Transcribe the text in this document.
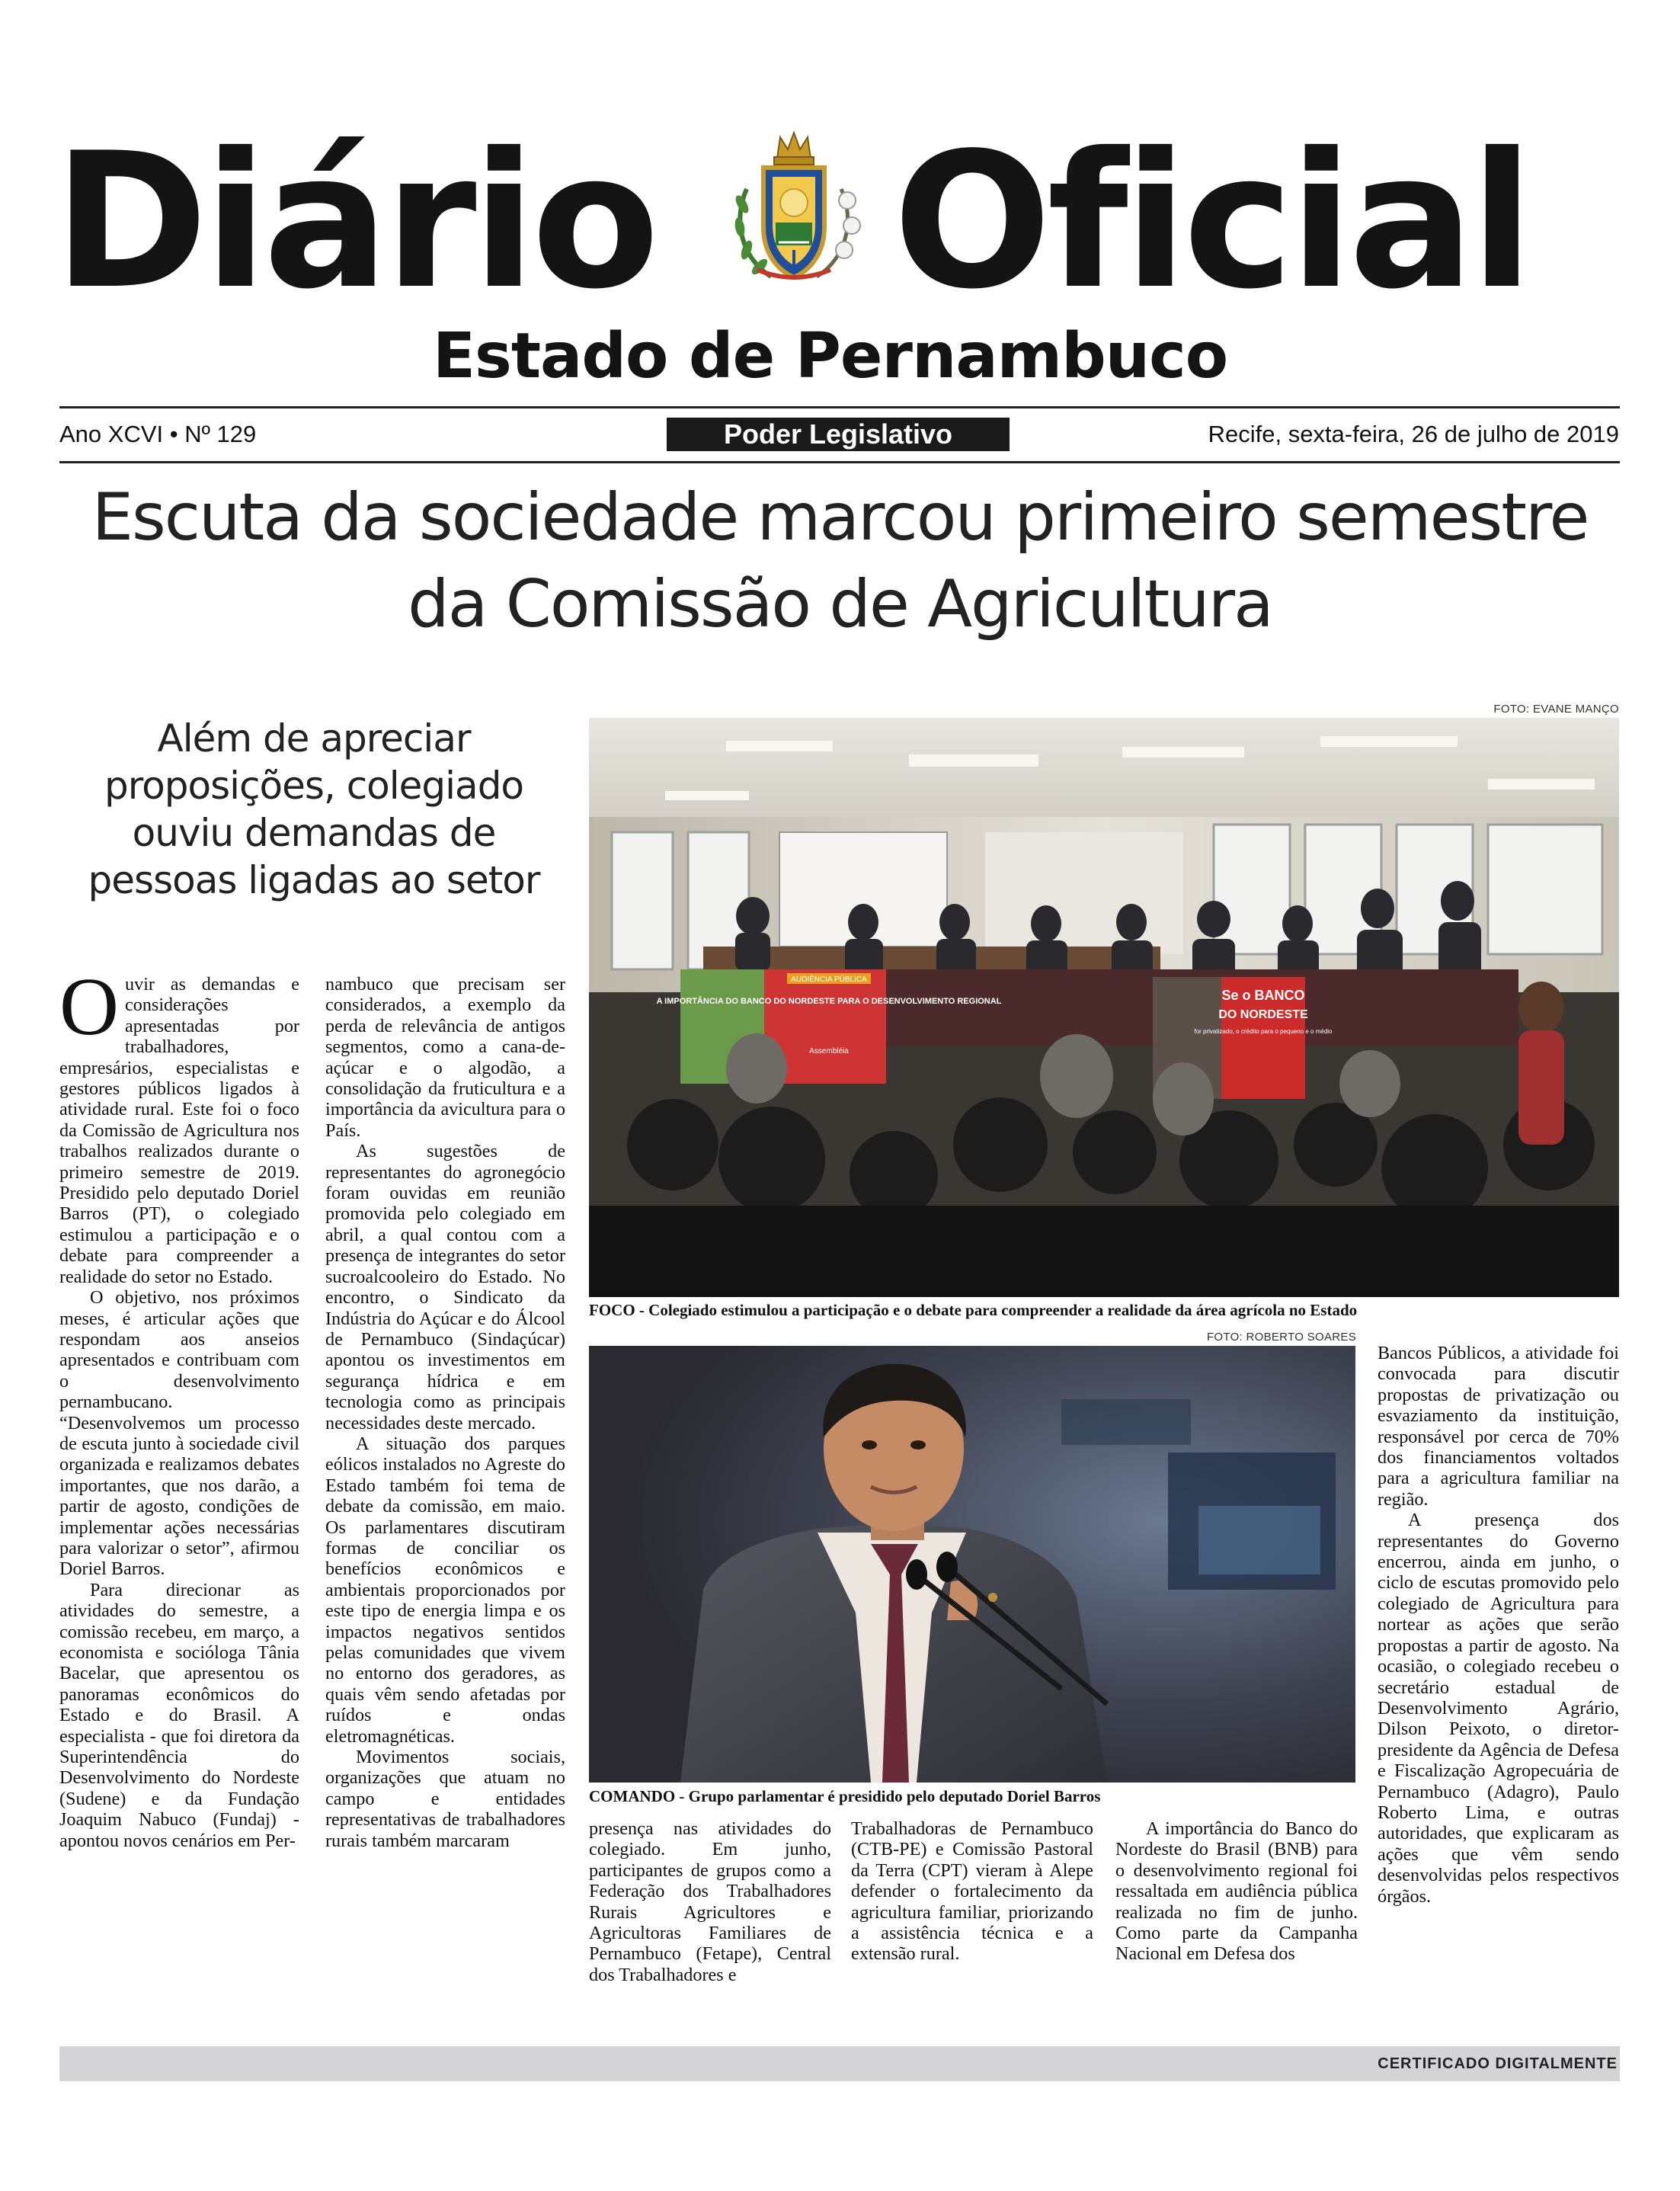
Diário Oficial
Estado de Pernambuco
Ano XCVI • Nº 129	Poder Legislativo	Recife, sexta-feira, 26 de julho de 2019
Escuta da sociedade marcou primeiro semestre da Comissão de Agricultura
Além de apreciar proposições, colegiado ouviu demandas de pessoas ligadas ao setor
FOTO: EVANE MANÇO
AUDIÊNCIA PÚBLICA
A IMPORTÂNCIA DO BANCO DO NORDESTE PARA O DESENVOLVIMENTO REGIONAL
Assembléia
Se o BANCO
DO NORDESTE
for privatizado, o crédito para o pequeno e o médio
FOCO - Colegiado estimulou a participação e o debate para compreender a realidade da área agrícola no Estado
FOTO: ROBERTO SOARES
COMANDO - Grupo parlamentar é presidido pelo deputado Doriel Barros

Ouvir as demandas e considerações apresentadas por trabalhadores, empresários, especialistas e gestores públicos ligados à atividade rural. Este foi o foco da Comissão de Agricultura nos trabalhos realizados durante o primeiro semestre de 2019. Presidido pelo deputado Doriel Barros (PT), o colegiado estimulou a participação e o debate para compreender a realidade do setor no Estado.

O objetivo, nos próximos meses, é articular ações que respondam aos anseios apresentados e contribuam com o desenvolvimento pernambucano. “Desenvolvemos um processo de escuta junto à sociedade civil organizada e realizamos debates importantes, que nos darão, a partir de agosto, condições de implementar ações necessárias para valorizar o setor”, afirmou Doriel Barros.

Para direcionar as atividades do semestre, a comissão recebeu, em março, a economista e socióloga Tânia Bacelar, que apresentou os panoramas econômicos do Estado e do Brasil. A especialista - que foi diretora da Superintendência do Desenvolvimento do Nordeste (Sudene) e da Fundação Joaquim Nabuco (Fundaj) - apontou novos cenários em Per-

nambuco que precisam ser considerados, a exemplo da perda de relevância de antigos segmentos, como a cana-de-açúcar e o algodão, a consolidação da fruticultura e a importância da avicultura para o País.

As sugestões de representantes do agronegócio foram ouvidas em reunião promovida pelo colegiado em abril, a qual contou com a presença de integrantes do setor sucroalcooleiro do Estado. No encontro, o Sindicato da Indústria do Açúcar e do Álcool de Pernambuco (Sindaçúcar) apontou os investimentos em segurança hídrica e em tecnologia como as principais necessidades deste mercado.

A situação dos parques eólicos instalados no Agreste do Estado também foi tema de debate da comissão, em maio. Os parlamentares discutiram formas de conciliar os benefícios econômicos e ambientais proporcionados por este tipo de energia limpa e os impactos negativos sentidos pelas comunidades que vivem no entorno dos geradores, as quais vêm sendo afetadas por ruídos e ondas eletromagnéticas.

Movimentos sociais, organizações que atuam no campo e entidades representativas de trabalhadores rurais também marcaram

presença nas atividades do colegiado. Em junho, participantes de grupos como a Federação dos Trabalhadores Rurais Agricultores e Agricultoras Familiares de Pernambuco (Fetape), Central dos Trabalhadores e

Trabalhadoras de Pernambuco (CTB-PE) e Comissão Pastoral da Terra (CPT) vieram à Alepe defender o fortalecimento da agricultura familiar, priorizando a assistência técnica e a extensão rural.

A importância do Banco do Nordeste do Brasil (BNB) para o desenvolvimento regional foi ressaltada em audiência pública realizada no fim de junho. Como parte da Campanha Nacional em Defesa dos

Bancos Públicos, a atividade foi convocada para discutir propostas de privatização ou esvaziamento da instituição, responsável por cerca de 70% dos financiamentos voltados para a agricultura familiar na região.

A presença dos representantes do Governo encerrou, ainda em junho, o ciclo de escutas promovido pelo colegiado de Agricultura para nortear as ações que serão propostas a partir de agosto. Na ocasião, o colegiado recebeu o secretário estadual de Desenvolvimento Agrário, Dilson Peixoto, o diretor-presidente da Agência de Defesa e Fiscalização Agropecuária de Pernambuco (Adagro), Paulo Roberto Lima, e outras autoridades, que explicaram as ações que vêm sendo desenvolvidas pelos respectivos órgãos.

CERTIFICADO DIGITALMENTE
